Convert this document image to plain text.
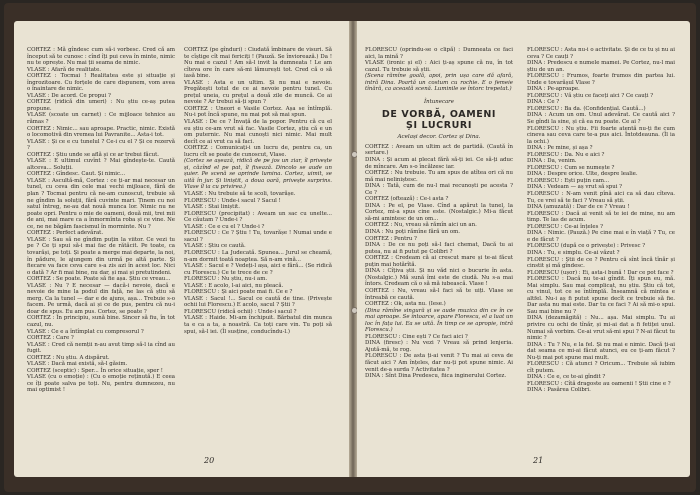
CORTEZ : Mă gîndesc cum să-i vorbesc. Cred că am început să te cunosc : cînd îți pui ceva în minte, nimic nu te oprește. Nu mai ții seama de nimic.

VLASE : Afară de realitate.

CORTEZ : Tocmai ! Realitatea este și situație și îngrozitoare. Cu forțele de care dispunem, vom avea o înaintare de nimic.

VLASE : De acord. Ce propui ?

CORTEZ (ridică din umeri) : Nu știu ce-aș putea propune.

VLASE (scoate un carnet) : Ce mijloace tehnice au rămas ?

CORTEZ : Nimic... sau aproape. Practic, nimic. Există o locomotivă din vremea lui Pavranite... Asta-i tot.

VLASE : Și ce e cu tunelul ? Ce-i cu el ? Și ce rezervă ?

CORTEZ : Știu unde se află și ce ar trebui făcut.

VLASE : E ultimul cuvînt ? Mai gîndește-te. Caută altceva... Soluții.

CORTEZ : Gîndesc. Caut. Și nimic...

VLASE : Ascultă-mă, Cortez : ce ți-ar mai necesar un tunel, cu ceva din cele mai vechi mijloace, fără de plan ? Tocmai pentru că ne-am cunoscut, trebuie să ne gîndim la soluții, fără cuvinte mari. Ținem cu noi satul întreg, ne-au dat nouă munca lor. Nimic nu ne poate opri. Pentru o mie de oameni, două mii, trei mii de ani, mai mare ca a înmormînta roba și ce vine. Ne ce, ne ne băgăm fascismul în morminte. Nu ?

CORTEZ : Perfect adevărat.

VLASE : Sau să ne gîndim puțin la viitor. Ce vezi tu pe ? Ce ți spui să-i mai fac de rătăcit. Pe toate, ca tovarăși, pe toți. Și poate a merge mai departe, la noi, în pădure, le ajungem din urmă pe altă parte. Și fiecare va face ceva care s-a zis azi în acest loc. Nici o dată ? Ar fi mai bine, nu dar, și mai și pretutindeni.

CORTEZ : Se poate. Poate să fie așa. Știu ce vreau...

VLASE : Nu ? E necesar — dacă-i nevoie, dacă e nevoie de mine la podul din față, ne las că știu să merg. Ca la tunel — dar e de ajuns, așa... Trebuie s-o facem. Pe urmă, dacă ai și ce de pus, pentru că nu-i doar de spus. Eu am pus. Cortez, se poate ?

CORTEZ : În principiu, sună bine. Sincer să fiu, în tot cazul, nu.

VLASE : Ce e a întîmplat cu compresorul ?

CORTEZ : Care ?

VLASE : Cred că nemții n-au avut timp să-l ia cînd au fugit.

CORTEZ : Nu știu. A dispărut.

VLASE : Dacă mai există, să-l găsim.

CORTEZ (sceptic) : Sper... În orice situație, sper !

VLASE (cu o emoție) : (Cu o emoție reținută.) E ceea ce îți poate salva pe toți. Nu, pentru dumnezeu, nu mai optimist !

CORTEZ (pe gînduri) : Ciudată îmbinare de visuri. Să te cîștige cît mai fericiți ! (Pauză. Se înviorează.) Da ! Nu mai e cazul ! Am să-l invit la dumneata ! Le am cîteva ore în care să-mi lămurești tot. Cred că o să iasă bine.

VLASE : Asta e un ultim. Și nu mai e nevoie. Pregătești totul de ce ai nevoie pentru tunel. Cu prețul uneia, cu prețul a două zile de muncă. Ce ai nevoie ? Ar trebui să-ți spun ?

CORTEZ : Uneori e Vasile Cortez. Așa se întîmplă. Nu-i pot încă spune, nu mai pot să mai spun.

VLASE : De ce ? Învață de la popor. Pentru că cu el eu știu ce-am vrut să fac. Vasile Cortez, știu că e un om puternic. Nu mai cunoști nici nimic. Mai mult decît ce ai vrut ca să faci.

CORTEZ : Comunicați-i un lucru de, pentru ca, un lucru cît se poate de cunoscut, Vlase.

(Cortez se așează, ridică de pe jos un ziar, îl privește și, căzînd el pe pat, îl fixează. Dincolo se aude un șuier. Pe scenă se aprinde lumina. Cortez, uimit, se uită în jur. Și liniștit, a doua oară, privește surprins. Vlase îl ia cu privirea.)

VLASE : Nu trebuie să te scoli, tovarășe.

FLORESCU : Unde-i sacul ? Sacul !

VLASE : Stai liniștit.

FLORESCU (precipitat) : Aveam un sac cu unelte... Ce căutam ? Unde-i ?

VLASE : Ce e cu el ? Unde-i ?

FLORESCU : Ce ? Știu ! Tu, tovarășe ! Numai unde e sacul ?

VLASE : Știu ce caută.

FLORESCU : La Judecată. Spunea... Jurul se cheamă, n-am dormit toată noaptea. Să n-am vină...

VLASE : Sacul e ? Vedeți-l așa, aici e fără... (Se ridică cu Florescu.) Ce te trece de ce ?

FLORESCU : Nu știu, nu-i am.

VLASE : E acolo, l-ai aici, nu pleacă.

FLORESCU : Și aici poate mai fi. Ce e ?

VLASE : Sacul !... Sacul ce caută de tine. (Privește ochii lui Florescu.) E acolo, sacul ? Știi ?

FLORESCU (ridică ochii) : Unde-i sacul ?

VLASE : Haide. Mi-am închipuit. Bărbatul din munca ta e ca a ta, a noastră. Ca toți care vin. Tu poți să spui, să-l iei. (Îl susține, conducîndu-l.)

20

FLORESCU (oprindu-se o clipă) : Dumneata ce faci aici, la mină ?

VLASE (ironic și el) : Aici ți-aș spune că nu, în tot cazul. Tu trebuie să știi.

(Scena rămîne goală, apoi, prin ușa care dă afară, intră Dina. Poartă un costum cu rochie. E o femeie tînără, ca această scenă. Luminile se întorc trepetat.)

Întunecare

DE VORBĂ, OAMENI
ȘI LUCRURI
Același decor. Cortez și Dina.

CORTEZ : Aveam un ultim act de partidă. (Caută în sertare.)

DINA : Și acum ai plecat fără să-ți iei. Ce să-ți aduc de mîncare. Am s-o încălzesc iar.

CORTEZ : Nu trebuie. Tu am spus de atîtea ori că nu mă mai neliniștesc.

DINA : Tată, cum de nu-l mai recunoști pe acesta ? Ce ?

CORTEZ (oftează) : Ce-i asta ?

DINA : Pe el, pe Vlase. Cînd a apărut la tunel, la Cortez, mi-a spus cine este. (Nostalgic.) Mi-a făcut să-mi amintesc de un om...

CORTEZ : Nu, vreau să rămîn aici un an.

DINA : Nu poți rămîne fără un om.

CORTEZ : Pentru ?

DINA : De ce nu poți să-l faci chemat, Dacă tu ai putea, nu ai fi putut pe Colibri ?

CORTEZ : Credeam că ai crescut mare și te-ai făcut puțin mai hotărîtă.

DINA : Cîțiva știi. Și nu văd nici o bucurie în asta. (Nostalgic.) Mă sună îmi este de ciudă. Nu s-a mai întors. Credeam că o să mă iubească. Vlase !

CORTEZ : Nu, vreau să-l faci să te uiți. Vlase se întreabă ce caută.

CORTEZ : Ok, asta nu. (Iese.)

(Dina rămîne singură și se aude muzica din ce în ce mai aproape. Se întoarce, apare Florescu, el a luat un loc în fața lui. Ea se uită. În timp ce se apropie, intră Florescu.)

FLORESCU : Cine ești ? Ce faci aici ?

DINA (firesc) : Nu vezi ? Vreau să prind lenjeria. Ajută-mă, te rog.

FLORESCU : De asta ți-ai venit ? Tu mai ai ceva de făcut aici ? Am înțeles, dar nu-ți pot spune nimic. Ai venit de-a surda ? Activitatea ?

DINA : Sînt Dina Predescu, fiica inginerului Cortez.

FLORESCU : Asta nu-i o activitate. Și de ce tu și nu ai ceva ? Ce cauți ?

DINA : Predescu e numele mamei. Pe Cortez, nu-l mai știu de un an.

FLORESCU : Frumos, foarte frumos din partea lui. Unde e tovarășul Vlase ?

DINA : Pe-aproape.

FLORESCU : Vă știu ce faceți aici ? Ce cauți ?

DINA : Ce ?

FLORESCU : Ba da. (Confidențial. Caută...)

DINA : Acum un om. Unul adevărat. Ce caută aici ? Se gîndi la sine, și că ea nu poate. Ce ai ?

FLORESCU : Nu știu. Fii foarte atentă nu-ți fie cum cineva sau ceva care te-a pus aici. Întotdeauna. (Îl ia la ochi.)

DINA : Pe mine, și așa ?

FLORESCU : Da. Nu e aici ?

DINA : Da, venim.

FLORESCU : Cum se numește ?

DINA : Despre orice. Ulte, despre lealie.

FLORESCU : Ești puțin cam...

DINA : Vedeam — aș vrut să spui ?

FLORESCU : N-am venit pînă aici ca să dau cîteva. Tu, ce vrei să te faci ? Vreau să știi.

DINA (amuzată) : Dar de ce ? Vreau !

FLORESCU : Dacă ai venit să te iei de mine, nu am timp. Te las de acum.

FLORESCU : Ce-ai înțeles ?

DINA : Nimic. (Pauză.) Pe cine mai e în viață ? Tu, ce e de făcut ?

FLORESCU (după ce o privește) : Privesc ?

DINA : Tu, e simplu. Ce-ai văzut ?

FLORESCU : Știi de ce ? Pentru că sînt încă tînăr și cinstit și mă gîndesc.

FLORESCU (ușor) : Ei, asta-i bună ! Dar ce pot face ?

FLORESCU : Dacă nu te-ai gîndit. Îți spun eu, mă. Mai simplu. Sau mai complicat, nu știu. Știu că tot, cu vinul, tot ce se întîmplă. Înseamnă că mintea e altfel. Nu-i aș fi putut spune decît ce trebuie să fie. Dar asta nu mai este. Dar tu ce faci ? Ai să mi-o spui. Sau mai bine nu ?

DINA (dezamăgită) : Nu... așa. Mai simplu. Tu ai privire cu ochi de tînăr, și mi-ai dat a fi fetiței unul. Numai să vorbim. Ce-ai vrut să-mi spui ? N-ai făcut tu nimic ?

DINA : Tu ? Nu, e la fel. Și nu mai e nimic. Dacă ți-ai dat seama ce mi-ai făcut atunci, eu ce ți-am făcut ? Nu-ți mai pot spune mai mult.

FLORESCU : Că atunci ? Oricum... Trebuie să iubim cît putem.

DINA : Ce e, ce te-ai gîndit ?

FLORESCU : Cîtă dragoste au oamenii ! Știi cine e ?

DINA : Pasărea Colibri.

21
